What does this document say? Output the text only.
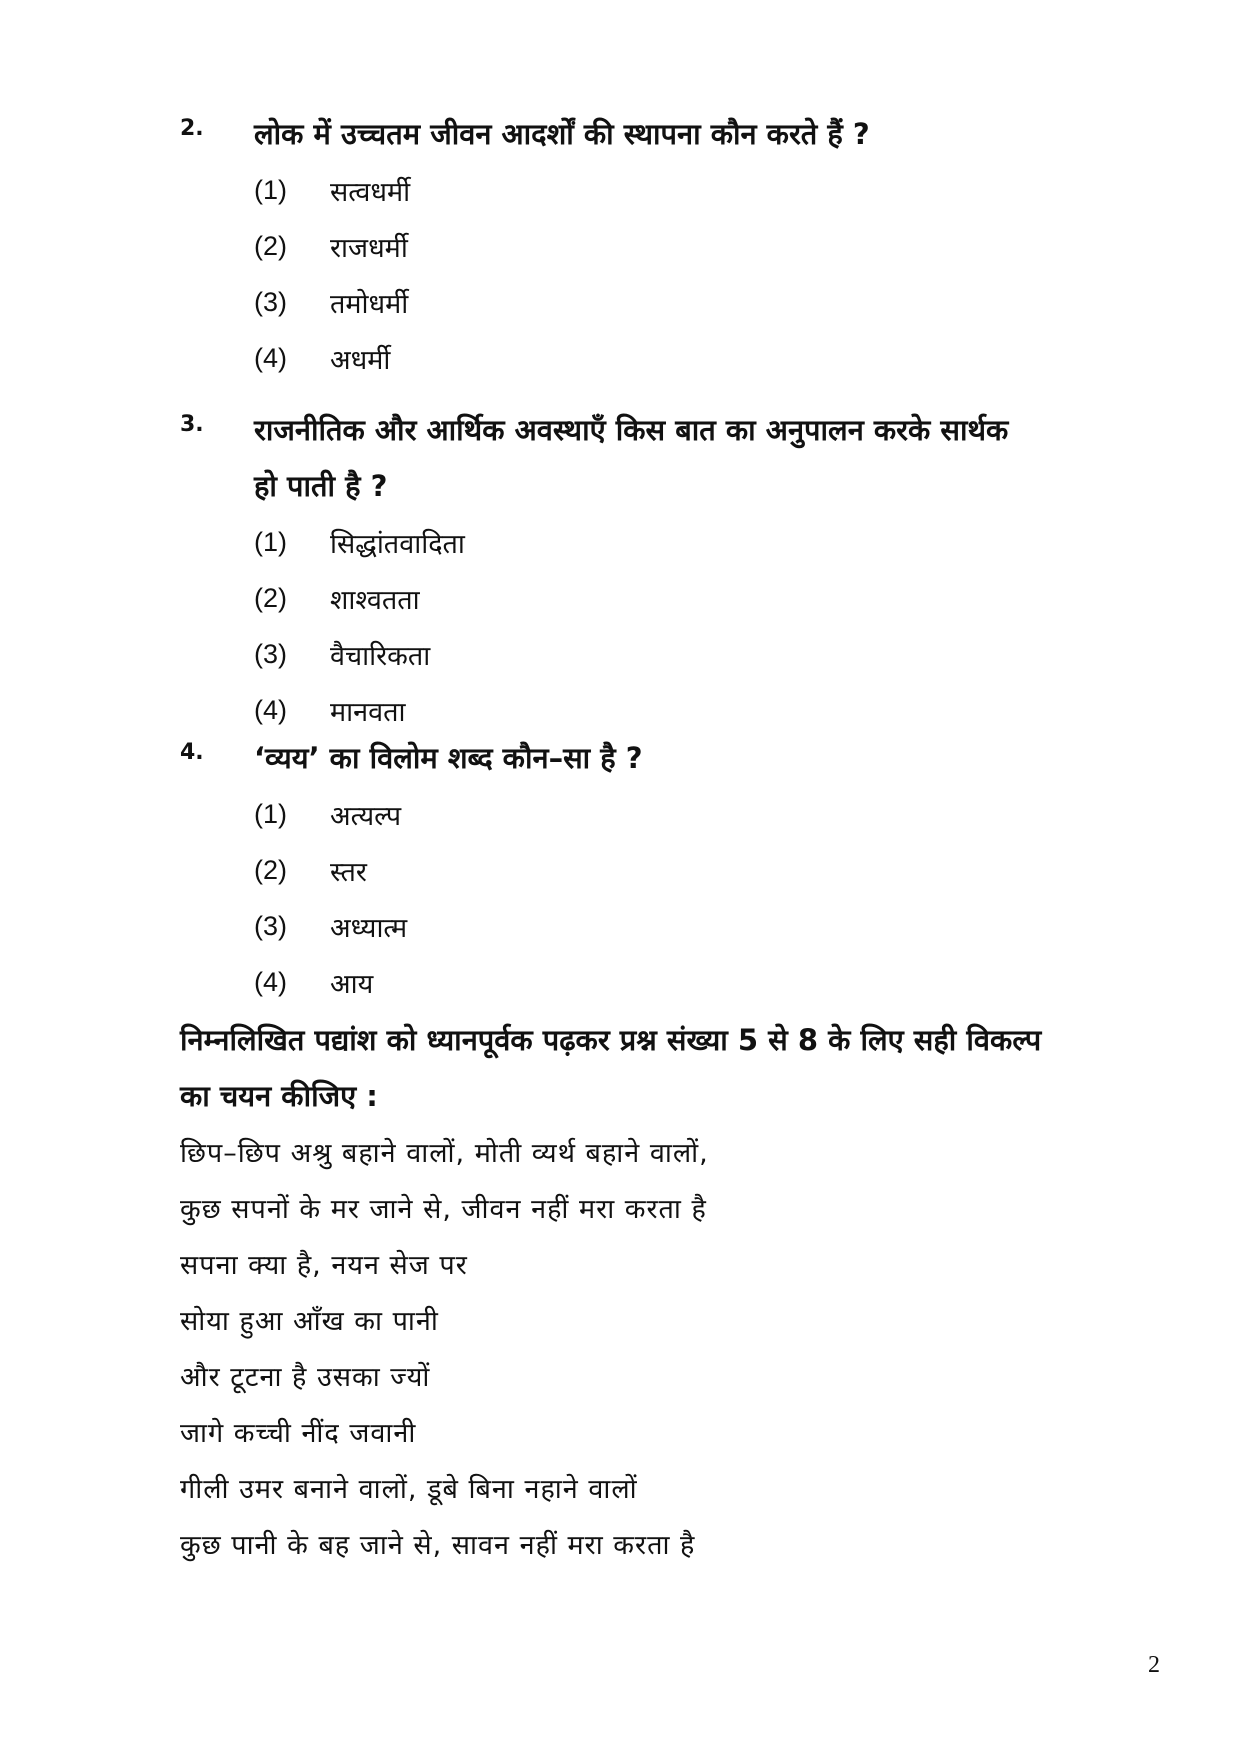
2.	लोक में उच्चतम जीवन आदर्शों की स्थापना कौन करते हैं ?
(1)	सत्वधर्मी
(2)	राजधर्मी
(3)	तमोधर्मी
(4)	अधर्मी
3.	राजनीतिक और आर्थिक अवस्थाएँ किस बात का अनुपालन करके सार्थक हो पाती है ?
(1)	सिद्धांतवादिता
(2)	शाश्वतता
(3)	वैचारिकता
(4)	मानवता
4.	‘व्यय’ का विलोम शब्द कौन–सा है ?
(1)	अत्यल्प
(2)	स्तर
(3)	अध्यात्म
(4)	आय
निम्नलिखित पद्यांश को ध्यानपूर्वक पढ़कर प्रश्न संख्या 5 से 8 के लिए सही विकल्प का चयन कीजिए :
छिप–छिप अश्रु बहाने वालों, मोती व्यर्थ बहाने वालों,
कुछ सपनों के मर जाने से, जीवन नहीं मरा करता है
सपना क्या है, नयन सेज पर
सोया हुआ आँख का पानी
और टूटना है उसका ज्यों
जागे कच्ची नींद जवानी
गीली उमर बनाने वालों, डूबे बिना नहाने वालों
कुछ पानी के बह जाने से, सावन नहीं मरा करता है
2
